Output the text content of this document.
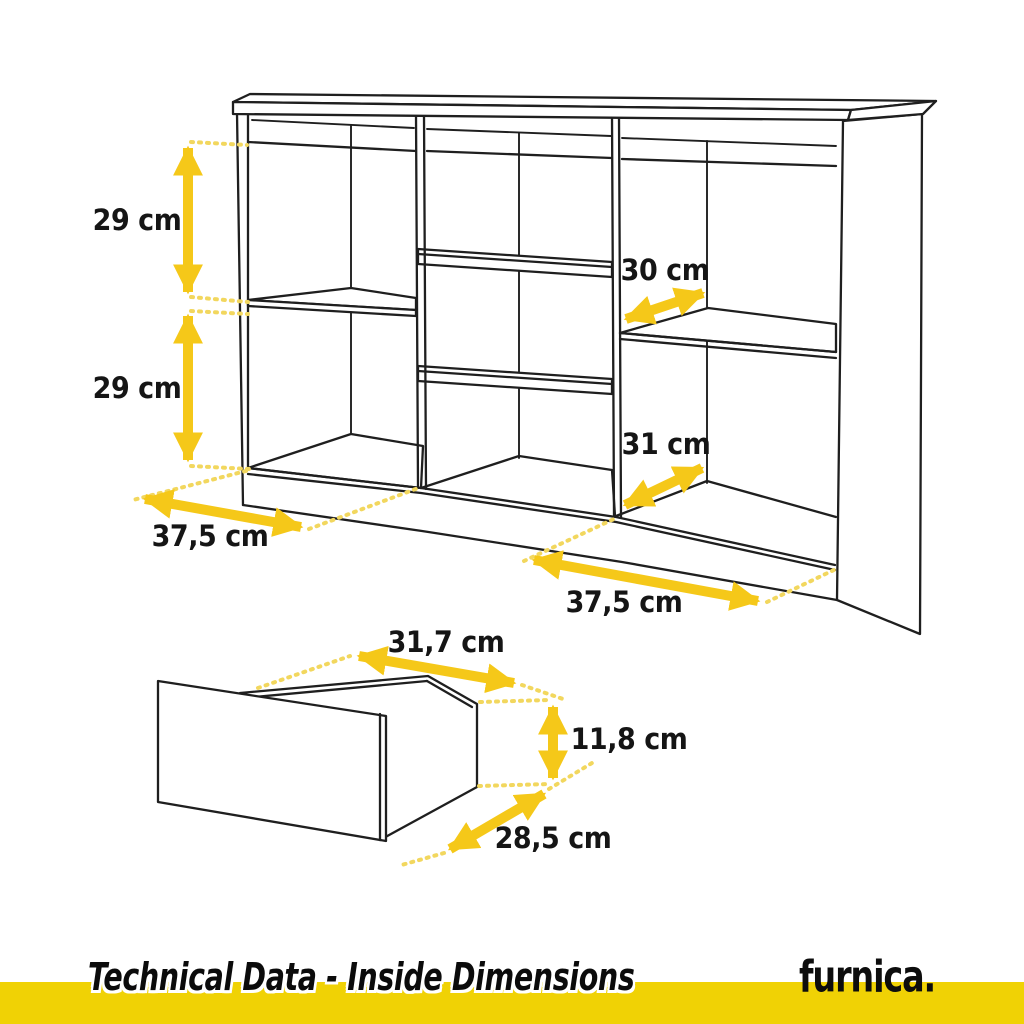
29 cm
29 cm
30 cm
31 cm
37,5 cm
37,5 cm
31,7 cm
11,8 cm
28,5 cm
Technical Data - Inside Dimensions	furnica.
